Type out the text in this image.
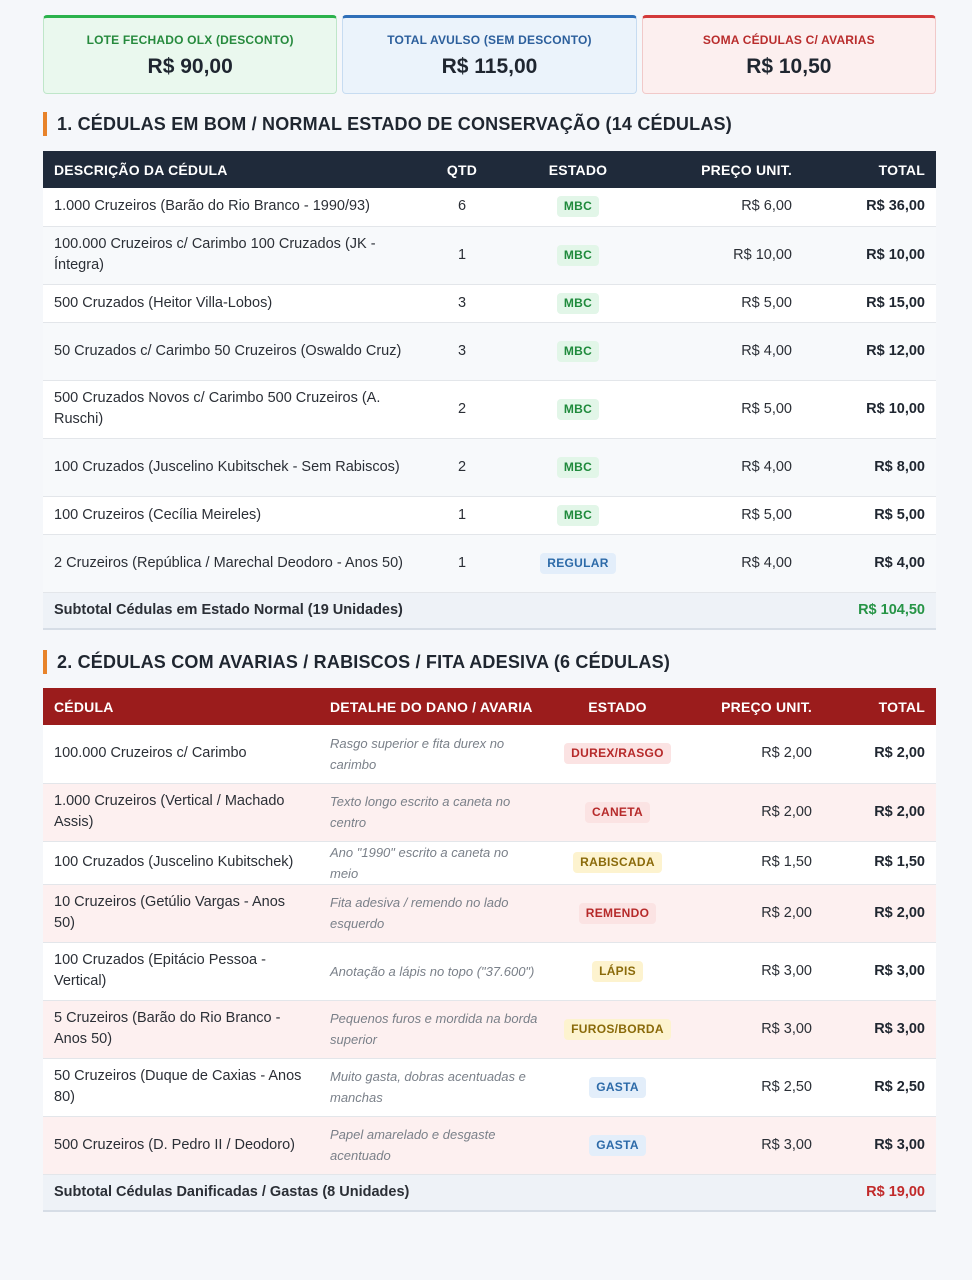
LOTE FECHADO OLX (DESCONTO)
R$ 90,00
TOTAL AVULSO (SEM DESCONTO)
R$ 115,00
SOMA CÉDULAS C/ AVARIAS
R$ 10,50
1. CÉDULAS EM BOM / NORMAL ESTADO DE CONSERVAÇÃO (14 CÉDULAS)
DESCRIÇÃO DA CÉDULA	QTD	ESTADO	PREÇO UNIT.	TOTAL
1.000 Cruzeiros (Barão do Rio Branco - 1990/93)	6	MBC	R$ 6,00	R$ 36,00
100.000 Cruzeiros c/ Carimbo 100 Cruzados (JK - Íntegra)	1	MBC	R$ 10,00	R$ 10,00
500 Cruzados (Heitor Villa-Lobos)	3	MBC	R$ 5,00	R$ 15,00
50 Cruzados c/ Carimbo 50 Cruzeiros (Oswaldo Cruz)	3	MBC	R$ 4,00	R$ 12,00
500 Cruzados Novos c/ Carimbo 500 Cruzeiros (A. Ruschi)	2	MBC	R$ 5,00	R$ 10,00
100 Cruzados (Juscelino Kubitschek - Sem Rabiscos)	2	MBC	R$ 4,00	R$ 8,00
100 Cruzeiros (Cecília Meireles)	1	MBC	R$ 5,00	R$ 5,00
2 Cruzeiros (República / Marechal Deodoro - Anos 50)	1	REGULAR	R$ 4,00	R$ 4,00
Subtotal Cédulas em Estado Normal (19 Unidades)				R$ 104,50
2. CÉDULAS COM AVARIAS / RABISCOS / FITA ADESIVA (6 CÉDULAS)
CÉDULA	DETALHE DO DANO / AVARIA	ESTADO	PREÇO UNIT.	TOTAL
100.000 Cruzeiros c/ Carimbo	Rasgo superior e fita durex no carimbo	DUREX/RASGO	R$ 2,00	R$ 2,00
1.000 Cruzeiros (Vertical / Machado Assis)	Texto longo escrito a caneta no centro	CANETA	R$ 2,00	R$ 2,00
100 Cruzados (Juscelino Kubitschek)	Ano "1990" escrito a caneta no meio	RABISCADA	R$ 1,50	R$ 1,50
10 Cruzeiros (Getúlio Vargas - Anos 50)	Fita adesiva / remendo no lado esquerdo	REMENDO	R$ 2,00	R$ 2,00
100 Cruzados (Epitácio Pessoa - Vertical)	Anotação a lápis no topo ("37.600")	LÁPIS	R$ 3,00	R$ 3,00
5 Cruzeiros (Barão do Rio Branco - Anos 50)	Pequenos furos e mordida na borda superior	FUROS/BORDA	R$ 3,00	R$ 3,00
50 Cruzeiros (Duque de Caxias - Anos 80)	Muito gasta, dobras acentuadas e manchas	GASTA	R$ 2,50	R$ 2,50
500 Cruzeiros (D. Pedro II / Deodoro)	Papel amarelado e desgaste acentuado	GASTA	R$ 3,00	R$ 3,00
Subtotal Cédulas Danificadas / Gastas (8 Unidades)				R$ 19,00
